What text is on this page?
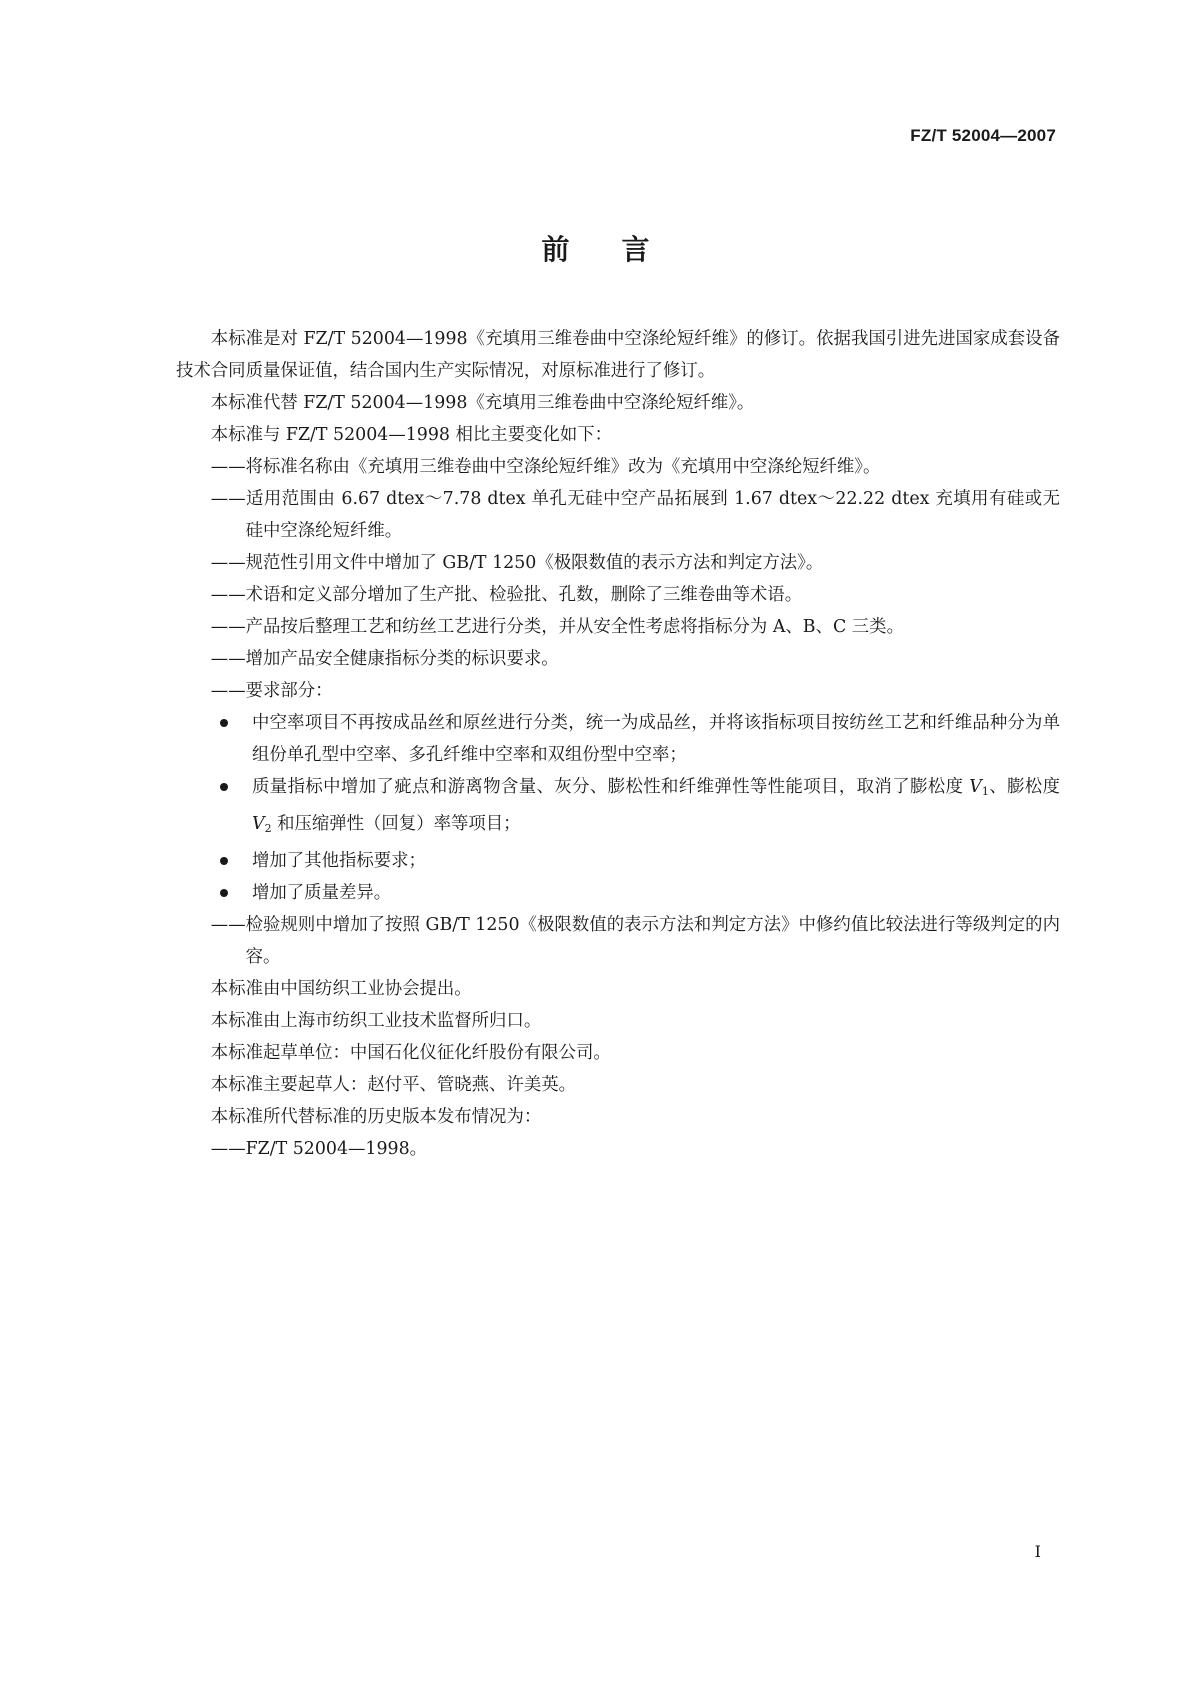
FZ/T 52004—2007
前言

本标准是对 FZ/T 52004—1998《充填用三维卷曲中空涤纶短纤维》的修订。依据我国引进先进国家成套设备技术合同质量保证值，结合国内生产实际情况，对原标准进行了修订。

本标准代替 FZ/T 52004—1998《充填用三维卷曲中空涤纶短纤维》。

本标准与 FZ/T 52004—1998 相比主要变化如下：

——将标准名称由《充填用三维卷曲中空涤纶短纤维》改为《充填用中空涤纶短纤维》。

——适用范围由 6.67 dtex～7.78 dtex 单孔无硅中空产品拓展到 1.67 dtex～22.22 dtex 充填用有硅或无硅中空涤纶短纤维。

——规范性引用文件中增加了 GB/T 1250《极限数值的表示方法和判定方法》。

——术语和定义部分增加了生产批、检验批、孔数，删除了三维卷曲等术语。

——产品按后整理工艺和纺丝工艺进行分类，并从安全性考虑将指标分为 A、B、C 三类。

——增加产品安全健康指标分类的标识要求。

——要求部分：

中空率项目不再按成品丝和原丝进行分类，统一为成品丝，并将该指标项目按纺丝工艺和纤维品种分为单组份单孔型中空率、多孔纤维中空率和双组份型中空率；

质量指标中增加了疵点和游离物含量、灰分、膨松性和纤维弹性等性能项目，取消了膨松度 $V_1$、膨松度 $V_2$ 和压缩弹性（回复）率等项目；

增加了其他指标要求；

增加了质量差异。

——检验规则中增加了按照 GB/T 1250《极限数值的表示方法和判定方法》中修约值比较法进行等级判定的内容。

本标准由中国纺织工业协会提出。

本标准由上海市纺织工业技术监督所归口。

本标准起草单位：中国石化仪征化纤股份有限公司。

本标准主要起草人：赵付平、管晓燕、许美英。

本标准所代替标准的历史版本发布情况为：

——FZ/T 52004—1998。

I
